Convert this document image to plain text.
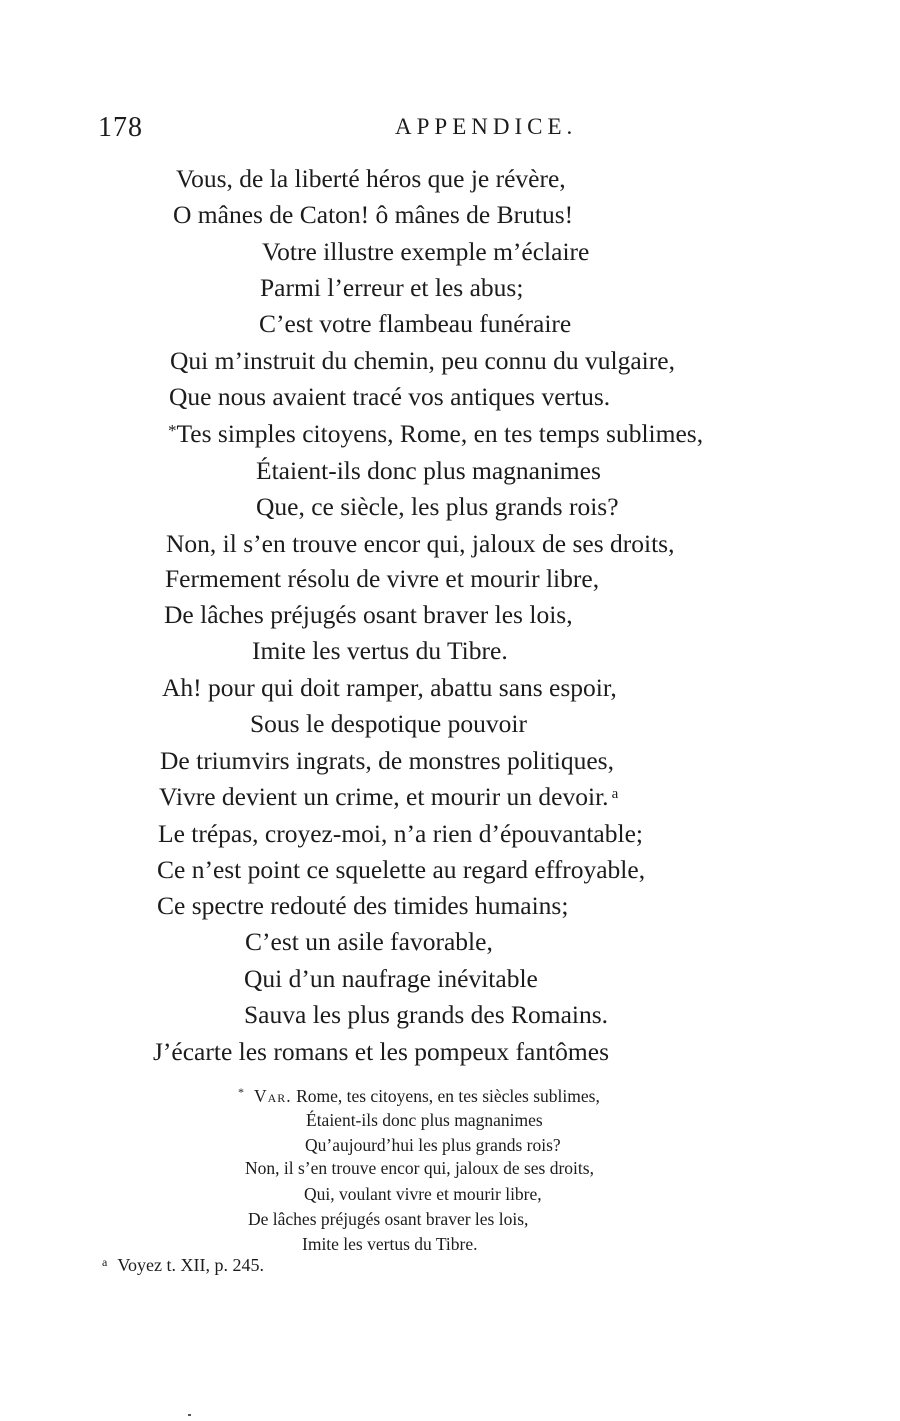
178	APPENDICE.
Vous, de la liberté héros que je révère,
O mânes de Caton! ô mânes de Brutus!
Votre illustre exemple m’éclaire
Parmi l’erreur et les abus;
C’est votre flambeau funéraire
Qui m’instruit du chemin, peu connu du vulgaire,
Que nous avaient tracé vos antiques vertus.
*Tes simples citoyens, Rome, en tes temps sublimes,
Étaient-ils donc plus magnanimes
Que, ce siècle, les plus grands rois?
Non, il s’en trouve encor qui, jaloux de ses droits,
Fermement résolu de vivre et mourir libre,
De lâches préjugés osant braver les lois,
Imite les vertus du Tibre.
Ah! pour qui doit ramper, abattu sans espoir,
Sous le despotique pouvoir
De triumvirs ingrats, de monstres politiques,
Vivre devient un crime, et mourir un devoir. $^a$
Le trépas, croyez-moi, n’a rien d’épouvantable;
Ce n’est point ce squelette au regard effroyable,
Ce spectre redouté des timides humains;
C’est un asile favorable,
Qui d’un naufrage inévitable
Sauva les plus grands des Romains.
J’écarte les romans et les pompeux fantômes
* Var. Rome, tes citoyens, en tes siècles sublimes,
Étaient-ils donc plus magnanimes
Qu’aujourd’hui les plus grands rois?
Non, il s’en trouve encor qui, jaloux de ses droits,
Qui, voulant vivre et mourir libre,
De lâches préjugés osant braver les lois,
Imite les vertus du Tibre.
$^a$ Voyez t. XII, p. 245.
